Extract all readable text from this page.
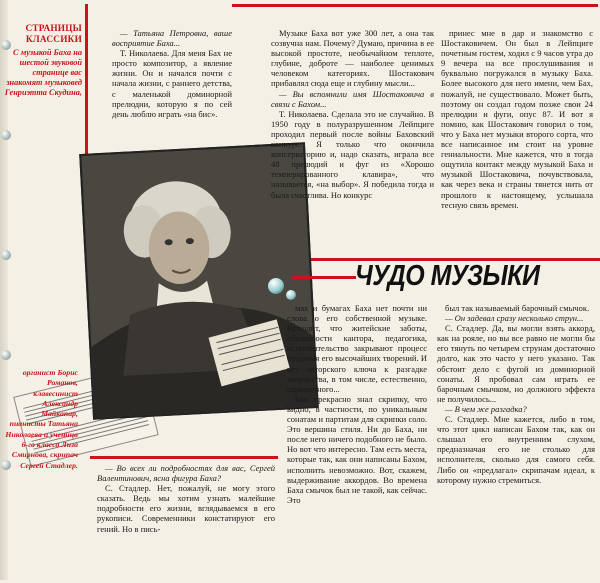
СТРАНИЦЫ КЛАССИКИ
С музыкой Баха на шестой звуковой странице вас знакомят музыковед Генриэтта Скудина,
органист Борис Романов, клавесинист Александр Майкапар, пианисты Татьяна Николаева и ученица 6-го класса Лиза Смирнова, скрипач Сергей Стадлер.

— Татьяна Петровна, ваше восприятие Баха...

Т. Николаева. Для меня Бах не просто композитор, а явление жизни. Он и начался почти с начала жизни, с раннего детства, с маленькой доминорной прелюдии, которую я по сей день люблю играть «на бис».

Музыке Баха вот уже 300 лет, а она так созвучна нам. Почему? Думаю, причина в ее высокой простоте, необычайном теплоте, глубине, доброте — наиболее ценимых человеком категориях. Шостакович прибавлял сюда еще и глубину мысли...

— Вы вспомнили имя Шостаковича в связи с Бахом...

Т. Николаева. Сделала это не случайно. В 1950 году в полуразрушенном Лейпциге проходил первый после войны Баховский конкурс. Я только что окончила консерваторию и, надо сказать, играла все 48 прелюдий и фуг из «Хорошо темперированного клавира», что называется, «на выбор». Я победила тогда и была счастлива. Но конкурс

принес мне в дар и знакомство с Шостаковичем. Он был в Лейпциге почетным гостем, ходил с 9 часов утра до 9 вечера на все прослушивания и буквально погружался в музыку Баха. Более высокого для него имени, чем Бах, пожалуй, не существовало. Может быть, поэтому он создал годом позже свои 24 прелюдии и фуги, опус 87. И вот я помню, как Шостакович говорил о том, что у Баха нет музыки второго сорта, что все написанное им стоит на уровне гениальности. Мне кажется, что я тогда ощутила контакт между музыкой Баха и музыкой Шостаковича, почувствовала, как через века и страны тянется нить от прошлого к настоящему, услышала тесную связь времен.

ЧУДО МУЗЫКИ

— Во всех ли подробностях для вас, Сергей Валентинович, ясна фигура Баха?

С. Стадлер. Нет, пожалуй, не могу этого сказать. Ведь мы хотим узнать малейшие подробности его жизни, вглядываемся в его рукописи. Современники констатируют его гений. Но в пись-

мах и бумагах Баха нет почти ни слова о его собственной музыке. Выходит, что житейские заботы, обязанности кантора, педагогика, исполнительство закрывают процесс создания его высочайших творений. И нет авторского ключа к разгадке творчества, в том числе, естественно, скрипичного...

Бах прекрасно знал скрипку, что видно, в частности, по уникальным сонатам и партитам для скрипки соло. Это вершина стиля. Ни до Баха, ни после него ничего подобного не было. Но вот что интересно. Там есть места, которые так, как они написаны Бахом, исполнить невозможно. Вот, скажем, выдерживание аккордов. Во времена Баха смычок был не такой, как сейчас. Это

был так называемый барочный смычок.

— Он задевал сразу несколько струн...

С. Стадлер. Да, вы могли взять аккорд, как на рояле, но вы все равно не могли бы его тянуть по четырем струнам достаточно долго, как это часто у него указано. Так обстоит дело с фугой из доминорной сонаты. Я пробовал сам играть ее барочным смычком, но должного эффекта не получилось...

— В чем же разгадка?

С. Стадлер. Мне кажется, либо в том, что этот цикл написан Бахом так, как он слышал его внутренним слухом, предназначая его не столько для исполнителя, сколько для самого себя. Либо он «предлагал» скрипачам идеал, к которому нужно стремиться.
